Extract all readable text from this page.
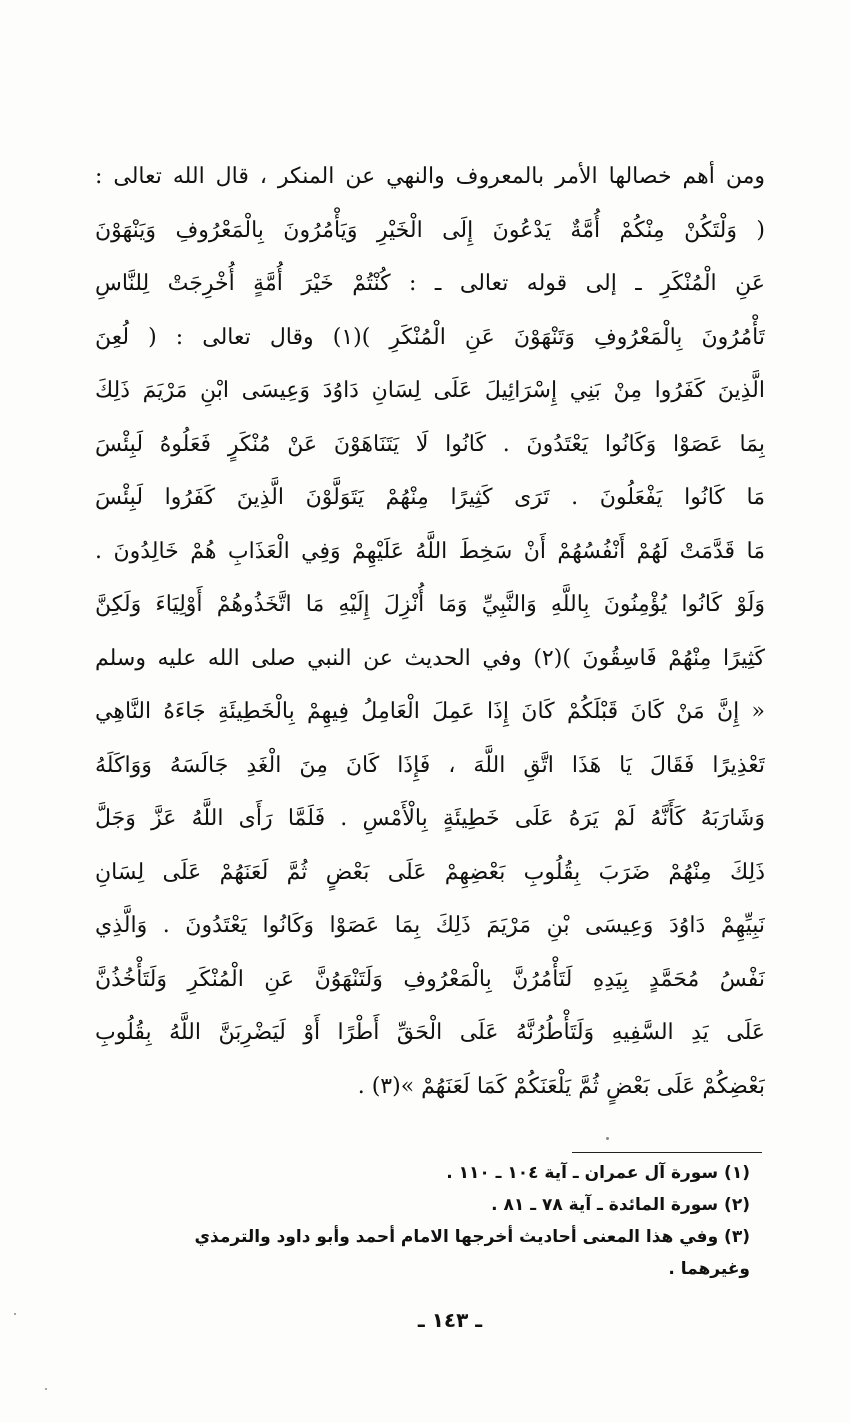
ومن أهم خصالها الأمر بالمعروف والنهي عن المنكر ، قال الله تعالى :
( وَلْتَكُنْ مِنْكُمْ أُمَّةٌ يَدْعُونَ إِلَى الْخَيْرِ وَيَأْمُرُونَ بِالْمَعْرُوفِ وَيَنْهَوْنَ
عَنِ الْمُنْكَرِ ـ إلى قوله تعالى ـ : كُنْتُمْ خَيْرَ أُمَّةٍ أُخْرِجَتْ لِلنَّاسِ
تَأْمُرُونَ بِالْمَعْرُوفِ وَتَنْهَوْنَ عَنِ الْمُنْكَرِ )(١) وقال تعالى : ( لُعِنَ
الَّذِينَ كَفَرُوا مِنْ بَنِي إِسْرَائِيلَ عَلَى لِسَانِ دَاوُدَ وَعِيسَى ابْنِ مَرْيَمَ ذَلِكَ
بِمَا عَصَوْا وَكَانُوا يَعْتَدُونَ . كَانُوا لَا يَتَنَاهَوْنَ عَنْ مُنْكَرٍ فَعَلُوهُ لَبِئْسَ
مَا كَانُوا يَفْعَلُونَ . تَرَى كَثِيرًا مِنْهُمْ يَتَوَلَّوْنَ الَّذِينَ كَفَرُوا لَبِئْسَ
مَا قَدَّمَتْ لَهُمْ أَنْفُسُهُمْ أَنْ سَخِطَ اللَّهُ عَلَيْهِمْ وَفِي الْعَذَابِ هُمْ خَالِدُونَ .
وَلَوْ كَانُوا يُؤْمِنُونَ بِاللَّهِ وَالنَّبِيِّ وَمَا أُنْزِلَ إِلَيْهِ مَا اتَّخَذُوهُمْ أَوْلِيَاءَ وَلَكِنَّ
كَثِيرًا مِنْهُمْ فَاسِقُونَ )(٢) وفي الحديث عن النبي صلى الله عليه وسلم
« إِنَّ مَنْ كَانَ قَبْلَكُمْ كَانَ إِذَا عَمِلَ الْعَامِلُ فِيهِمْ بِالْخَطِيئَةِ جَاءَهُ النَّاهِي
تَعْذِيرًا فَقَالَ يَا هَذَا اتَّقِ اللَّهَ ، فَإِذَا كَانَ مِنَ الْغَدِ جَالَسَهُ وَوَاكَلَهُ
وَشَارَبَهُ كَأَنَّهُ لَمْ يَرَهُ عَلَى خَطِيئَةٍ بِالْأَمْسِ . فَلَمَّا رَأَى اللَّهُ عَزَّ وَجَلَّ
ذَلِكَ مِنْهُمْ ضَرَبَ بِقُلُوبِ بَعْضِهِمْ عَلَى بَعْضٍ ثُمَّ لَعَنَهُمْ عَلَى لِسَانِ
نَبِيِّهِمْ دَاوُدَ وَعِيسَى بْنِ مَرْيَمَ ذَلِكَ بِمَا عَصَوْا وَكَانُوا يَعْتَدُونَ . وَالَّذِي
نَفْسُ مُحَمَّدٍ بِيَدِهِ لَتَأْمُرُنَّ بِالْمَعْرُوفِ وَلَتَنْهَوُنَّ عَنِ الْمُنْكَرِ وَلَتَأْخُذُنَّ
عَلَى يَدِ السَّفِيهِ وَلَتَأْطُرُنَّهُ عَلَى الْحَقِّ أَطْرًا أَوْ لَيَضْرِبَنَّ اللَّهُ بِقُلُوبِ
بَعْضِكُمْ عَلَى بَعْضٍ ثُمَّ يَلْعَنَكُمْ كَمَا لَعَنَهُمْ »(٣) .
(١) سورة آل عمران ـ آية ١٠٤ ـ ١١٠ .
(٢) سورة المائدة ـ آية ٧٨ ـ ٨١ .
(٣) وفي هذا المعنى أحاديث أخرجها الامام أحمد وأبو داود والترمذي
وغيرهما .
ـ ١٤٣ ـ
